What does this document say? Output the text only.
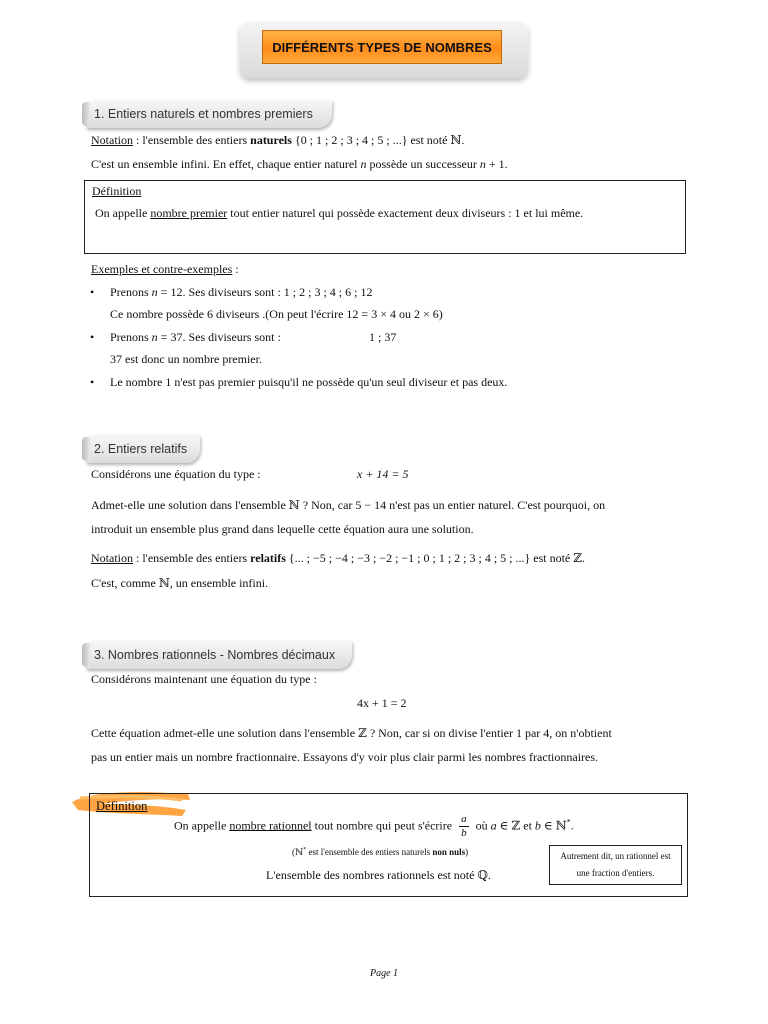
DIFFÉRENTS TYPES DE NOMBRES
1. Entiers naturels et nombres premiers
Notation : l'ensemble des entiers naturels {0 ; 1 ; 2 ; 3 ; 4 ; 5 ; ...} est noté ℕ.
C'est un ensemble infini. En effet, chaque entier naturel n possède un successeur n + 1.
Définition
On appelle nombre premier tout entier naturel qui possède exactement deux diviseurs : 1 et lui même.
Exemples et contre-exemples :
• Prenons n = 12. Ses diviseurs sont : 1 ; 2 ; 3 ; 4 ; 6 ; 12
Ce nombre possède 6 diviseurs .(On peut l'écrire 12 = 3 × 4 ou 2 × 6)
• Prenons n = 37. Ses diviseurs sont :	1 ; 37
37 est donc un nombre premier.
• Le nombre 1 n'est pas premier puisqu'il ne possède qu'un seul diviseur et pas deux.
2. Entiers relatifs
Considérons une équation du type :	x + 14 = 5
Admet-elle une solution dans l'ensemble ℕ ? Non, car 5 − 14 n'est pas un entier naturel. C'est pourquoi, on
introduit un ensemble plus grand dans lequelle cette équation aura une solution.
Notation : l'ensemble des entiers relatifs {... ; −5 ; −4 ; −3 ; −2 ; −1 ; 0 ; 1 ; 2 ; 3 ; 4 ; 5 ; ...} est noté ℤ.
C'est, comme ℕ, un ensemble infini.
3. Nombres rationnels - Nombres décimaux
Considérons maintenant une équation du type :
4x + 1 = 2
Cette équation admet-elle une solution dans l'ensemble ℤ ? Non, car si on divise l'entier 1 par 4, on n'obtient
pas un entier mais un nombre fractionnaire. Essayons d'y voir plus clair parmi les nombres fractionnaires.
Définition
On appelle nombre rationnel tout nombre qui peut s'écrire $\frac{a}{b}$ où a ∈ ℤ et b ∈ ℕ*.
(ℕ* est l'ensemble des entiers naturels non nuls)
L'ensemble des nombres rationnels est noté ℚ.
Autrement dit, un rationnel est
une fraction d'entiers.
Page 1
